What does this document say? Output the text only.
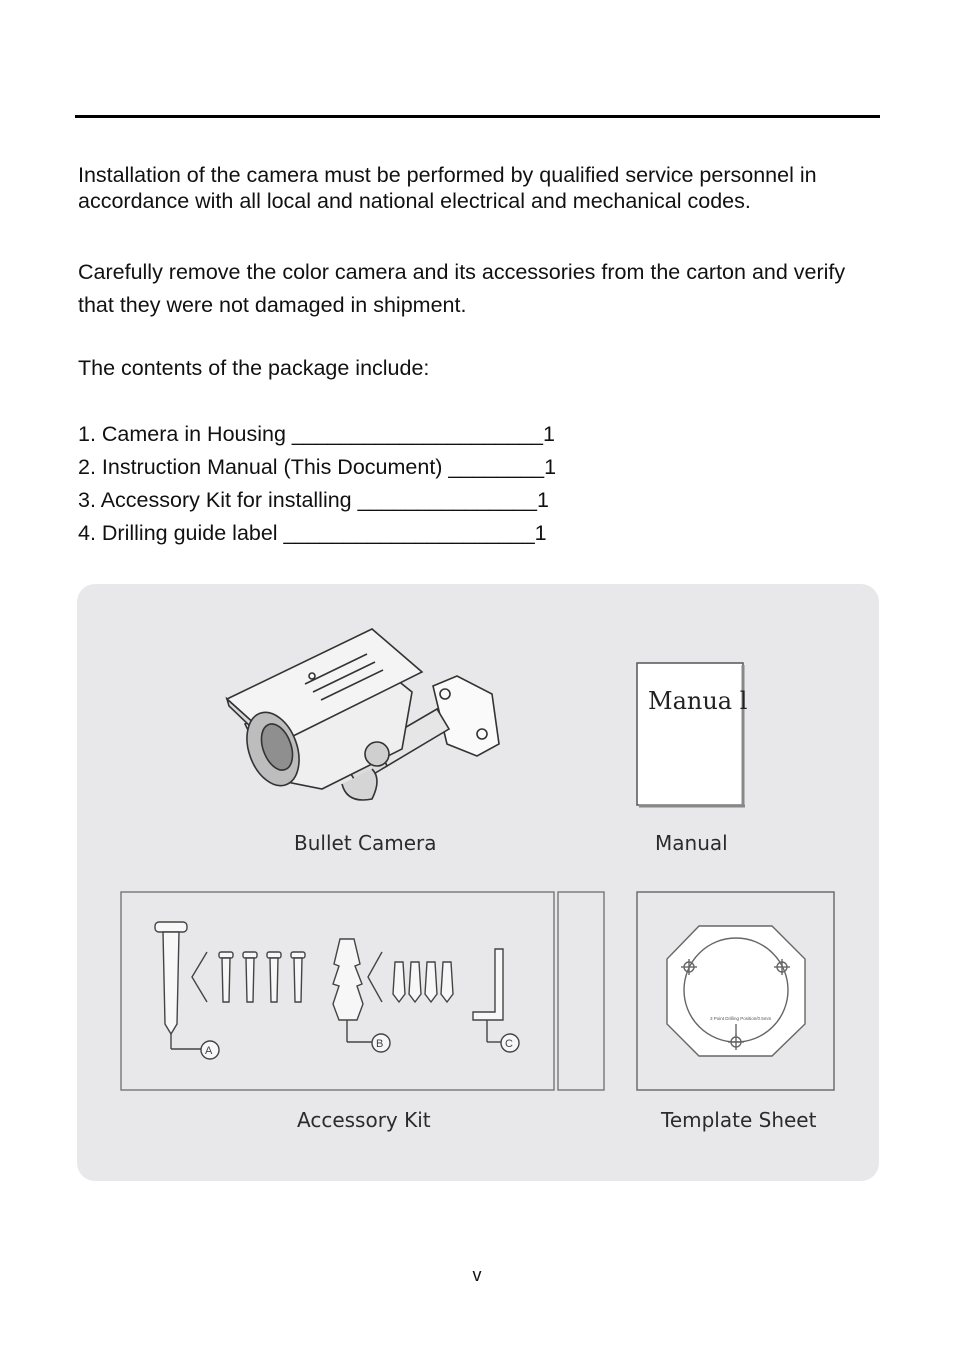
Installation of the camera must be performed by qualified service personnel in accordance with all local and national electrical and mechanical codes.

Carefully remove the color camera and its accessories from the carton and verify that they were not damaged in shipment.

The contents of the package include:

1. Camera in Housing _____________________1
2. Instruction Manual (This Document) ________1
3. Accessory Kit for installing _______________1
4. Drilling guide label _____________________1
Manua l
A
B	C
3 Point Drilling Position/0.5mm
Bullet Camera	Manual
Accessory Kit	Template Sheet
v
